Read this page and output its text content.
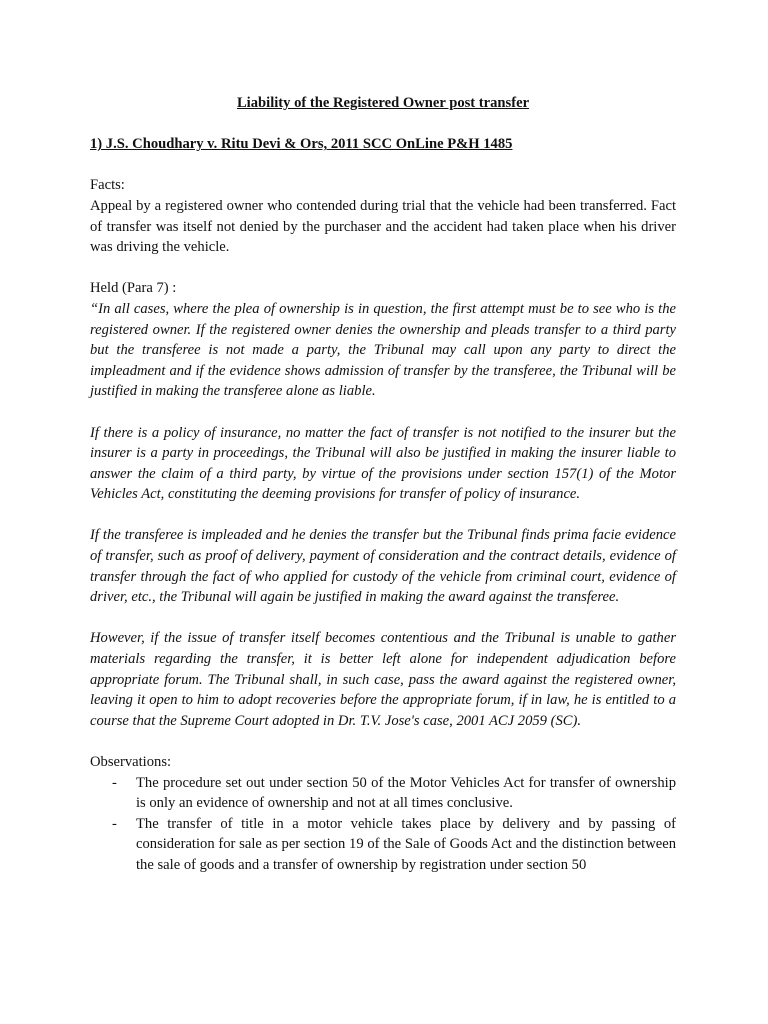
Liability of the Registered Owner post transfer

1) J.S. Choudhary v. Ritu Devi & Ors, 2011 SCC OnLine P&H 1485

Facts:

Appeal by a registered owner who contended during trial that the vehicle had been transferred. Fact of transfer was itself not denied by the purchaser and the accident had taken place when his driver was driving the vehicle.

Held (Para 7) :

“In all cases, where the plea of ownership is in question, the first attempt must be to see who is the registered owner. If the registered owner denies the ownership and pleads transfer to a third party but the transferee is not made a party, the Tribunal may call upon any party to direct the impleadment and if the evidence shows admission of transfer by the transferee, the Tribunal will be justified in making the transferee alone as liable.

If there is a policy of insurance, no matter the fact of transfer is not notified to the insurer but the insurer is a party in proceedings, the Tribunal will also be justified in making the insurer liable to answer the claim of a third party, by virtue of the provisions under section 157(1) of the Motor Vehicles Act, constituting the deeming provisions for transfer of policy of insurance.

If the transferee is impleaded and he denies the transfer but the Tribunal finds prima facie evidence of transfer, such as proof of delivery, payment of consideration and the contract details, evidence of transfer through the fact of who applied for custody of the vehicle from criminal court, evidence of driver, etc., the Tribunal will again be justified in making the award against the transferee.

However, if the issue of transfer itself becomes contentious and the Tribunal is unable to gather materials regarding the transfer, it is better left alone for independent adjudication before appropriate forum. The Tribunal shall, in such case, pass the award against the registered owner, leaving it open to him to adopt recoveries before the appropriate forum, if in law, he is entitled to a course that the Supreme Court adopted in Dr. T.V. Jose's case, 2001 ACJ 2059 (SC).

Observations:

- The procedure set out under section 50 of the Motor Vehicles Act for transfer of ownership is only an evidence of ownership and not at all times conclusive.
- The transfer of title in a motor vehicle takes place by delivery and by passing of consideration for sale as per section 19 of the Sale of Goods Act and the distinction between the sale of goods and a transfer of ownership by registration under section 50
